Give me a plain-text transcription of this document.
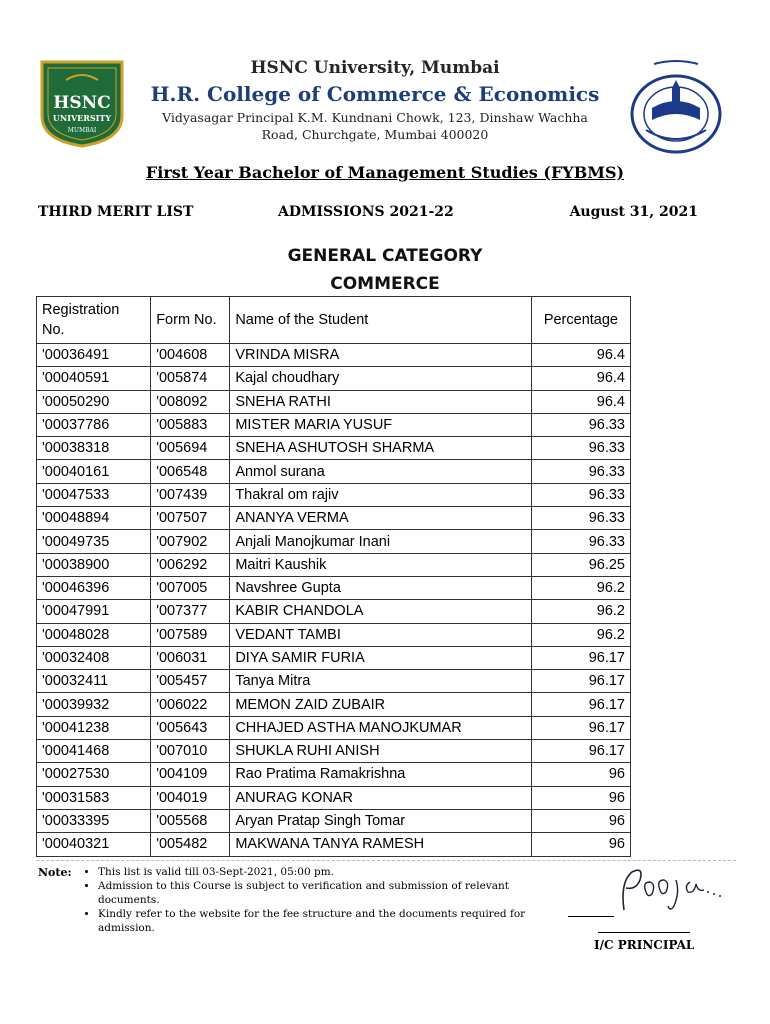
HSNC
UNIVERSITY
MUMBAI
HSNC University, Mumbai
H.R. College of Commerce & Economics
Vidyasagar Principal K.M. Kundnani Chowk, 123, Dinshaw Wachha
Road, Churchgate, Mumbai 400020
First Year Bachelor of Management Studies (FYBMS)
THIRD MERIT LIST	ADMISSIONS 2021-22	August 31, 2021
GENERAL CATEGORY
COMMERCE
Registration No.	Form No.	Name of the Student	Percentage
'00036491	'004608	VRINDA MISRA	96.4
'00040591	'005874	Kajal choudhary	96.4
'00050290	'008092	SNEHA RATHI	96.4
'00037786	'005883	MISTER MARIA YUSUF	96.33
'00038318	'005694	SNEHA ASHUTOSH SHARMA	96.33
'00040161	'006548	Anmol surana	96.33
'00047533	'007439	Thakral om rajiv	96.33
'00048894	'007507	ANANYA VERMA	96.33
'00049735	'007902	Anjali Manojkumar Inani	96.33
'00038900	'006292	Maitri Kaushik	96.25
'00046396	'007005	Navshree Gupta	96.2
'00047991	'007377	KABIR CHANDOLA	96.2
'00048028	'007589	VEDANT TAMBI	96.2
'00032408	'006031	DIYA SAMIR FURIA	96.17
'00032411	'005457	Tanya Mitra	96.17
'00039932	'006022	MEMON ZAID ZUBAIR	96.17
'00041238	'005643	CHHAJED ASTHA MANOJKUMAR	96.17
'00041468	'007010	SHUKLA RUHI ANISH	96.17
'00027530	'004109	Rao Pratima Ramakrishna	96
'00031583	'004019	ANURAG KONAR	96
'00033395	'005568	Aryan Pratap Singh Tomar	96
'00040321	'005482	MAKWANA TANYA RAMESH	96
Note:	• This list is valid till 03-Sept-2021, 05:00 pm.
• Admission to this Course is subject to verification and submission of relevant documents.
• Kindly refer to the website for the fee structure and the documents required for admission.
I/C PRINCIPAL
